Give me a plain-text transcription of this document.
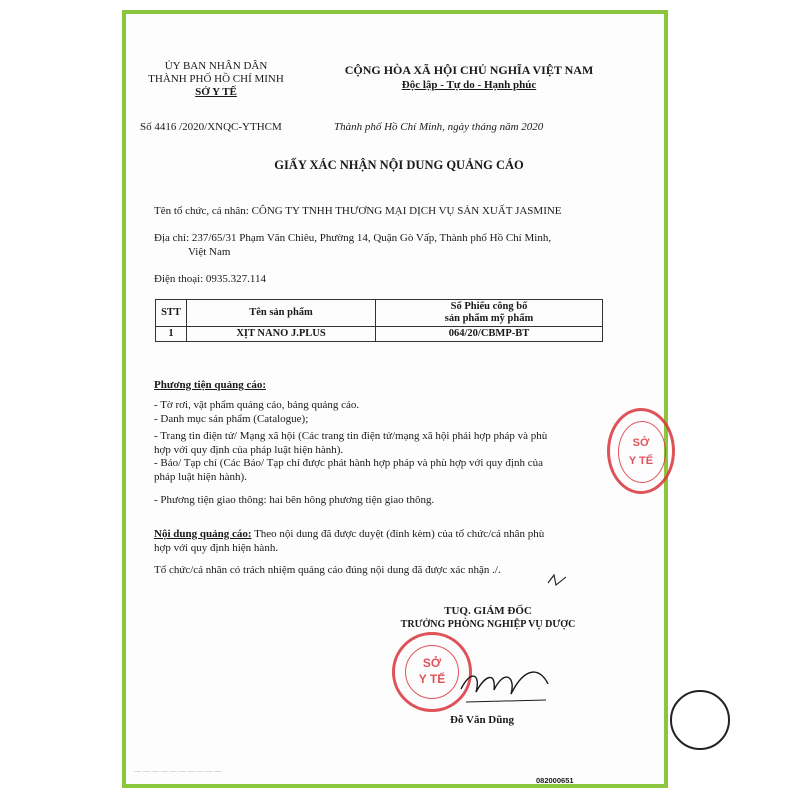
ỦY BAN NHÂN DÂN
THÀNH PHỐ HỒ CHÍ MINH
SỞ Y TẾ
CỘNG HÒA XÃ HỘI CHỦ NGHĨA VIỆT NAM
Độc lập - Tự do - Hạnh phúc
Số 4416 /2020/XNQC-YTHCM	Thành phố Hồ Chí Minh, ngày tháng năm 2020
GIẤY XÁC NHẬN NỘI DUNG QUẢNG CÁO
Tên tổ chức, cá nhân: CÔNG TY TNHH THƯƠNG MẠI DỊCH VỤ SẢN XUẤT JASMINE
Địa chỉ: 237/65/31 Phạm Văn Chiêu, Phường 14, Quận Gò Vấp, Thành phố Hồ Chí Minh,
Việt Nam
Điện thoại: 0935.327.114
STT	Tên sản phẩm	Số Phiếu công bố
sản phẩm mỹ phẩm

1	XỊT NANO J.PLUS	064/20/CBMP-BT
Phương tiện quảng cáo:
- Tờ rơi, vật phẩm quảng cáo, bảng quảng cáo.
- Danh mục sản phẩm (Catalogue);
- Trang tin điện tử/ Mạng xã hội (Các trang tin điện tử/mạng xã hội phải hợp pháp và phù
hợp với quy định của pháp luật hiện hành).
- Báo/ Tạp chí (Các Báo/ Tạp chí được phát hành hợp pháp và phù hợp với quy định của
pháp luật hiện hành).
- Phương tiện giao thông: hai bên hông phương tiện giao thông.
Nội dung quảng cáo: Theo nội dung đã được duyệt (đính kèm) của tổ chức/cá nhân phù
hợp với quy định hiện hành.
Tổ chức/cá nhân có trách nhiệm quảng cáo đúng nội dung đã được xác nhận ./.
TUQ. GIÁM ĐỐC
TRƯỞNG PHÒNG NGHIỆP VỤ DƯỢC
SỞ
Y TẾ
Đỗ Văn Dũng
082000651
— — — — — — — — — —
SỞ
Y TẾ
